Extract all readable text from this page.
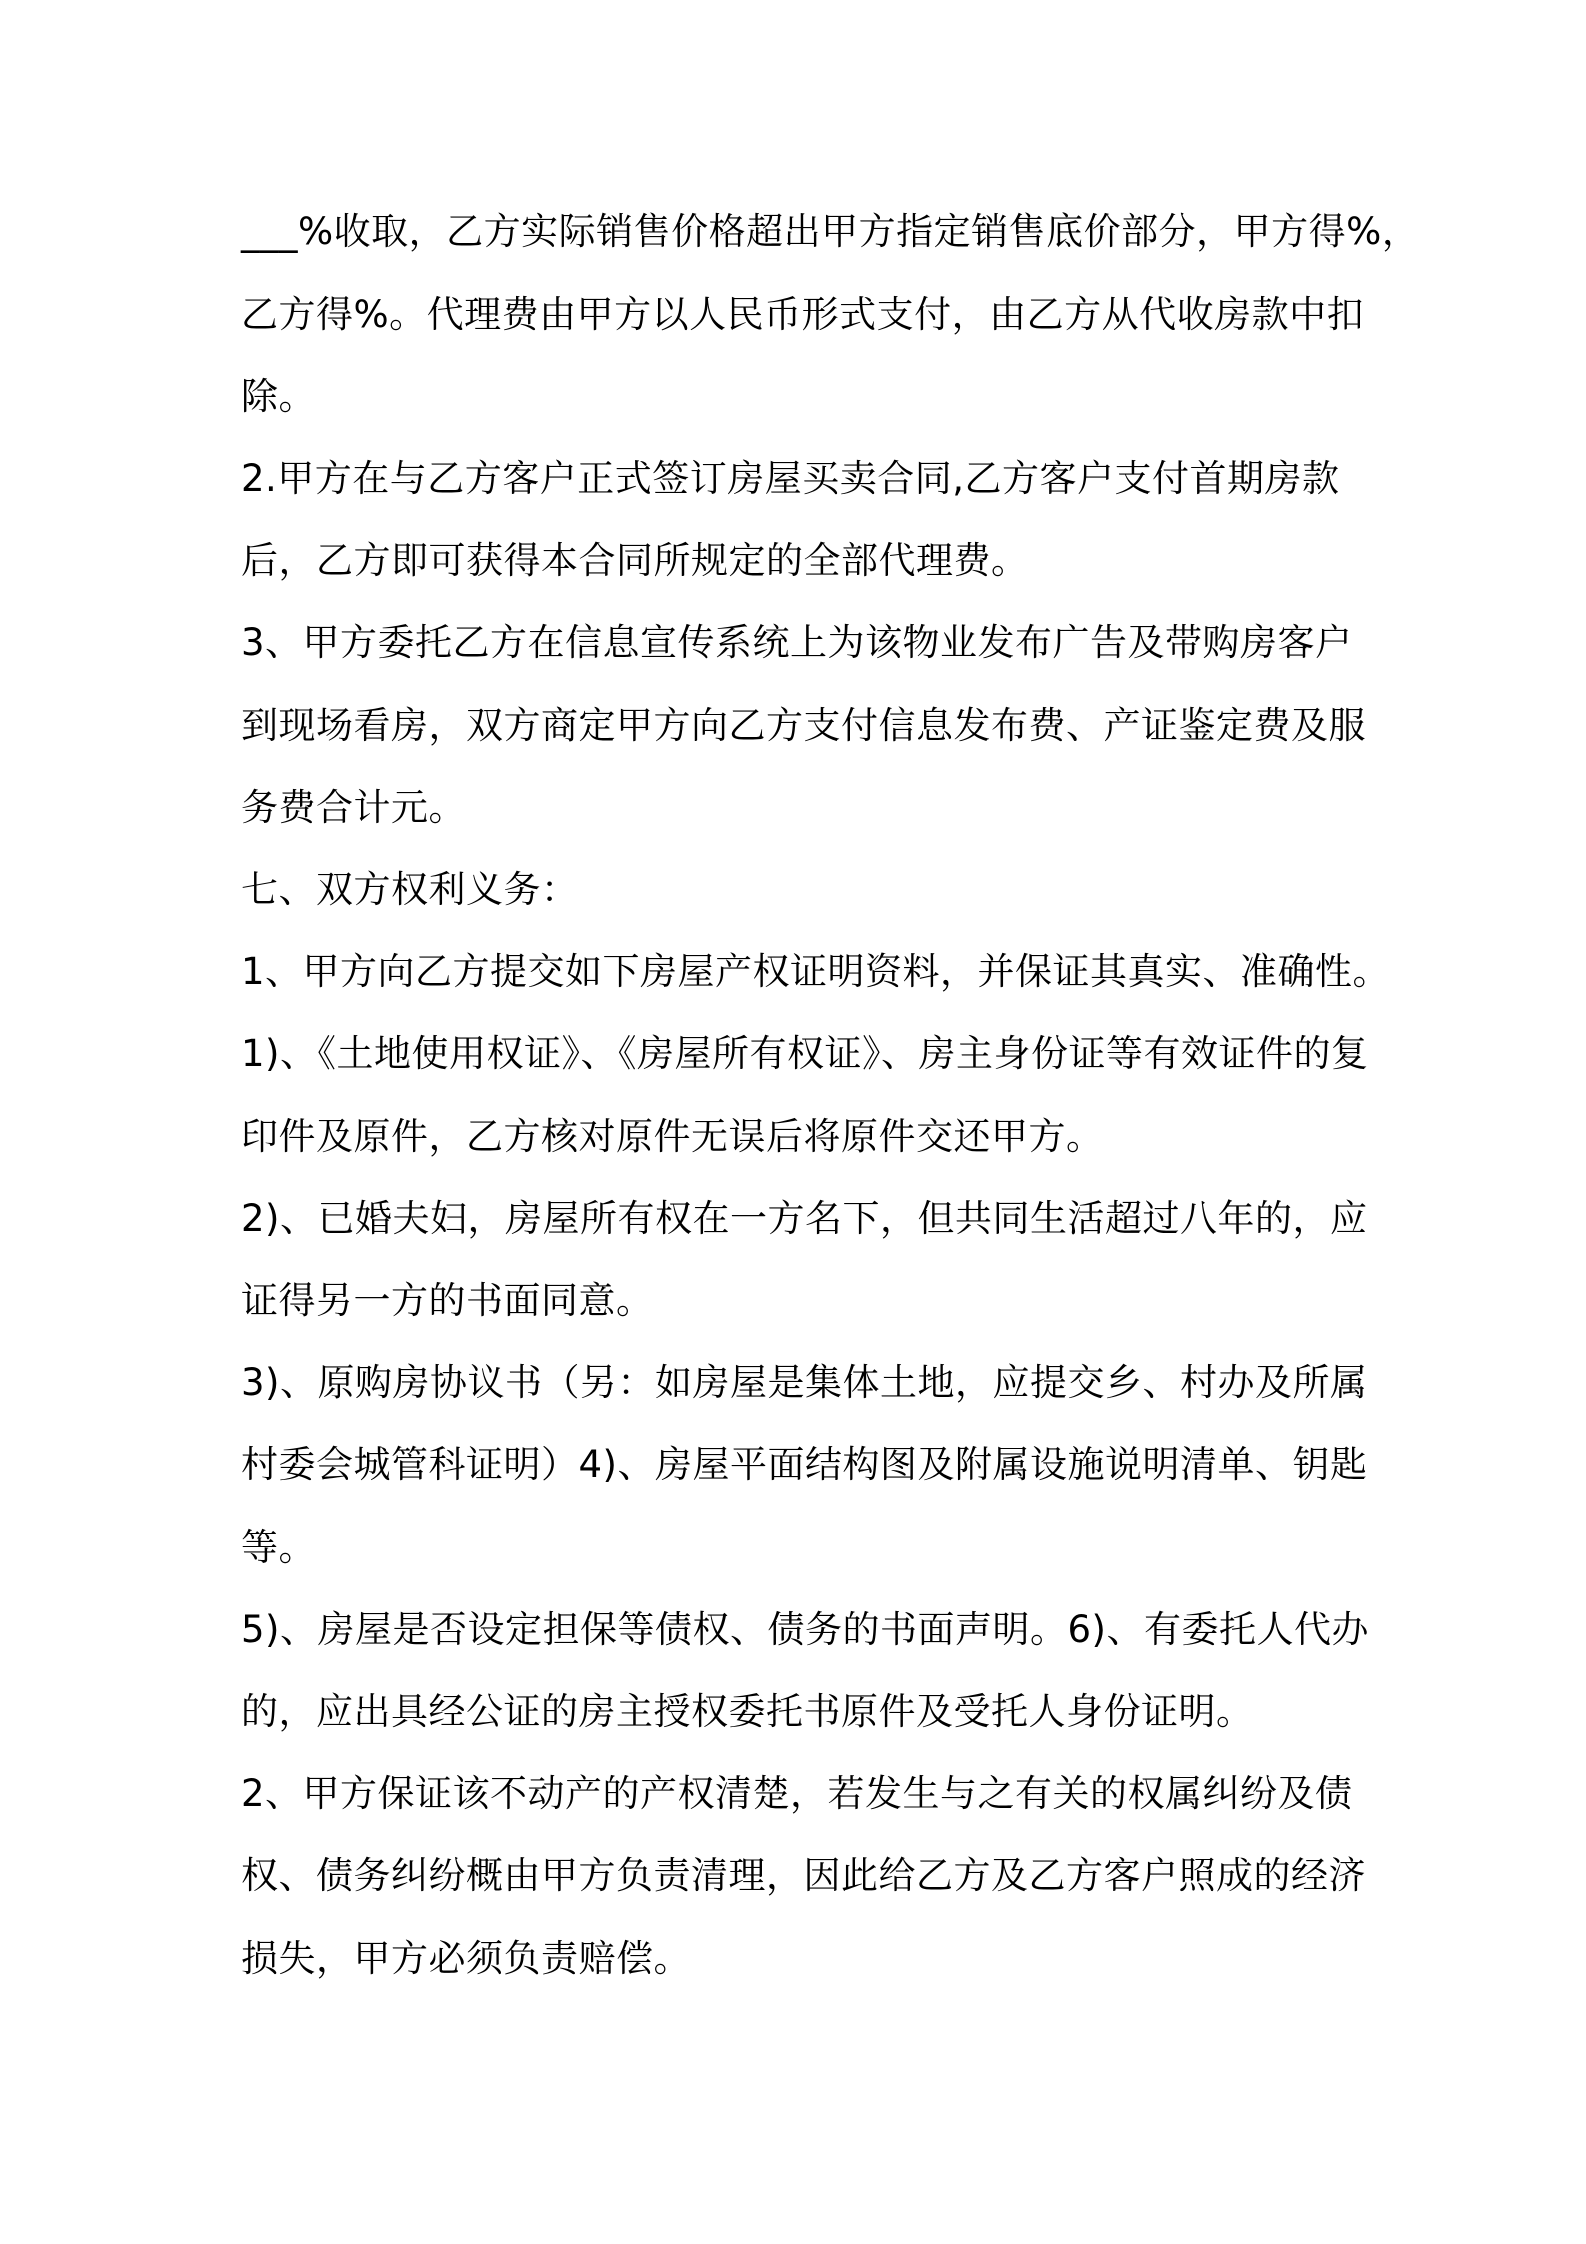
___%收取，乙方实际销售价格超出甲方指定销售底价部分，甲方得%，
乙方得%。代理费由甲方以人民币形式支付，由乙方从代收房款中扣
除。
2.甲方在与乙方客户正式签订房屋买卖合同,乙方客户支付首期房款
后，乙方即可获得本合同所规定的全部代理费。
3、甲方委托乙方在信息宣传系统上为该物业发布广告及带购房客户
到现场看房，双方商定甲方向乙方支付信息发布费、产证鉴定费及服
务费合计元。
七、双方权利义务：
1、甲方向乙方提交如下房屋产权证明资料，并保证其真实、准确性。
1)、《土地使用权证》、《房屋所有权证》、房主身份证等有效证件的复
印件及原件，乙方核对原件无误后将原件交还甲方。
2)、已婚夫妇，房屋所有权在一方名下，但共同生活超过八年的，应
证得另一方的书面同意。
3)、原购房协议书（另：如房屋是集体土地，应提交乡、村办及所属
村委会城管科证明）4)、房屋平面结构图及附属设施说明清单、钥匙
等。
5)、房屋是否设定担保等债权、债务的书面声明。6)、有委托人代办
的，应出具经公证的房主授权委托书原件及受托人身份证明。
2、甲方保证该不动产的产权清楚，若发生与之有关的权属纠纷及债
权、债务纠纷概由甲方负责清理，因此给乙方及乙方客户照成的经济
损失，甲方必须负责赔偿。
